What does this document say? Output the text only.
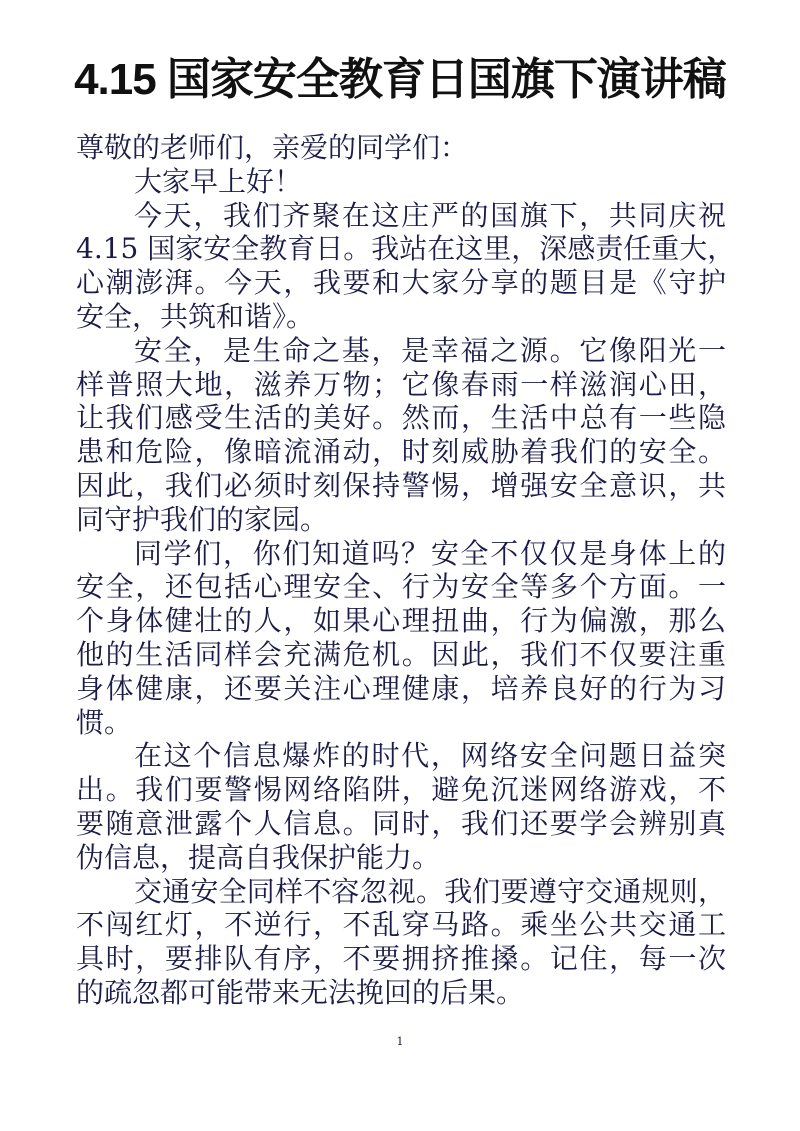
4.15 国家安全教育日国旗下演讲稿
尊敬的老师们，亲爱的同学们：
大家早上好！
今天，我们齐聚在这庄严的国旗下，共同庆祝
4.15 国家安全教育日。我站在这里，深感责任重大，
心潮澎湃。今天，我要和大家分享的题目是《守护
安全，共筑和谐》。
安全，是生命之基，是幸福之源。它像阳光一
样普照大地，滋养万物；它像春雨一样滋润心田，
让我们感受生活的美好。然而，生活中总有一些隐
患和危险，像暗流涌动，时刻威胁着我们的安全。
因此，我们必须时刻保持警惕，增强安全意识，共
同守护我们的家园。
同学们，你们知道吗？安全不仅仅是身体上的
安全，还包括心理安全、行为安全等多个方面。一
个身体健壮的人，如果心理扭曲，行为偏激，那么
他的生活同样会充满危机。因此，我们不仅要注重
身体健康，还要关注心理健康，培养良好的行为习
惯。
在这个信息爆炸的时代，网络安全问题日益突
出。我们要警惕网络陷阱，避免沉迷网络游戏，不
要随意泄露个人信息。同时，我们还要学会辨别真
伪信息，提高自我保护能力。
交通安全同样不容忽视。我们要遵守交通规则，
不闯红灯，不逆行，不乱穿马路。乘坐公共交通工
具时，要排队有序，不要拥挤推搡。记住，每一次
的疏忽都可能带来无法挽回的后果。
1
